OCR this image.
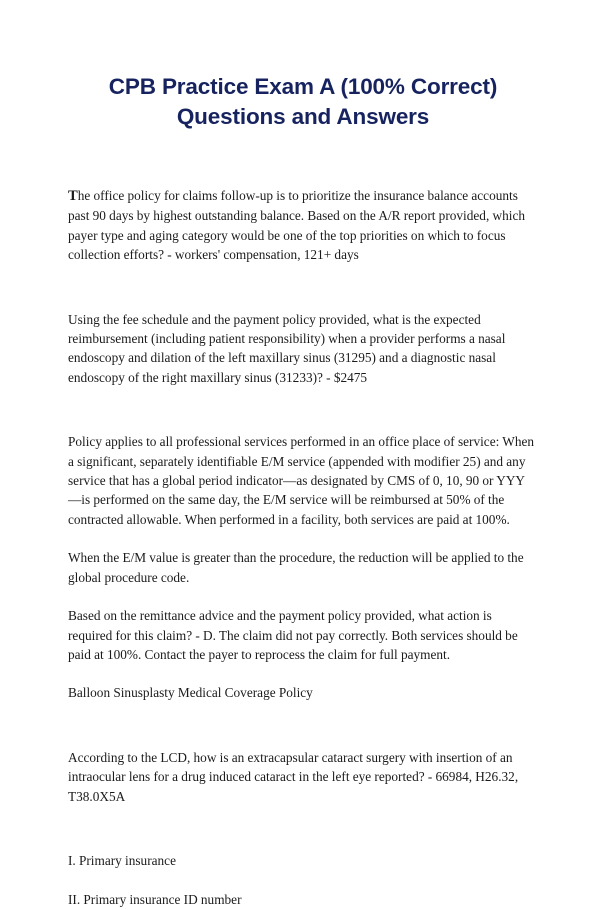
CPB Practice Exam A (100% Correct)
Questions and Answers

The office policy for claims follow-up is to prioritize the insurance balance accounts past 90 days by highest outstanding balance. Based on the A/R report provided, which payer type and aging category would be one of the top priorities on which to focus collection efforts? - workers' compensation, 121+ days

Using the fee schedule and the payment policy provided, what is the expected reimbursement (including patient responsibility) when a provider performs a nasal endoscopy and dilation of the left maxillary sinus (31295) and a diagnostic nasal endoscopy of the right maxillary sinus (31233)? - $2475

Policy applies to all professional services performed in an office place of service: When a significant, separately identifiable E/M service (appended with modifier 25) and any service that has a global period indicator—as designated by CMS of 0, 10, 90 or YYY—is performed on the same day, the E/M service will be reimbursed at 50% of the contracted allowable. When performed in a facility, both services are paid at 100%.

When the E/M value is greater than the procedure, the reduction will be applied to the global procedure code.

Based on the remittance advice and the payment policy provided, what action is required for this claim? - D. The claim did not pay correctly. Both services should be paid at 100%. Contact the payer to reprocess the claim for full payment.

Balloon Sinusplasty Medical Coverage Policy

According to the LCD, how is an extracapsular cataract surgery with insertion of an intraocular lens for a drug induced cataract in the left eye reported? - 66984, H26.32, T38.0X5A

I. Primary insurance

II. Primary insurance ID number
